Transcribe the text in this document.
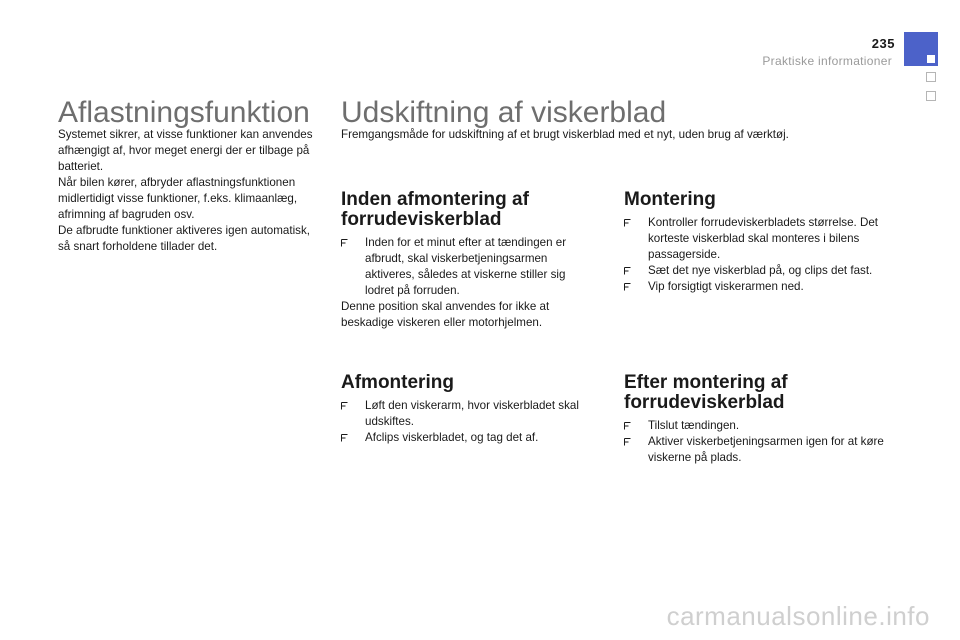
235
Praktiske informationer
Aflastningsfunktion

Systemet sikrer, at visse funktioner kan anvendes afhængigt af, hvor meget energi der er tilbage på batteriet.

Når bilen kører, afbryder aflastningsfunktionen midlertidigt visse funktioner, f.eks. klimaanlæg, afrimning af bagruden osv.

De afbrudte funktioner aktiveres igen automatisk, så snart forholdene tillader det.

Udskiftning af viskerblad

Fremgangsmåde for udskiftning af et brugt viskerblad med et nyt, uden brug af værktøj.

Inden afmontering af forrudeviskerblad
Inden for et minut efter at tændingen er afbrudt, skal viskerbetjeningsarmen aktiveres, således at viskerne stiller sig lodret på forruden.

Denne position skal anvendes for ikke at beskadige viskeren eller motorhjelmen.

Afmontering
Løft den viskerarm, hvor viskerbladet skal udskiftes.
Afclips viskerbladet, og tag det af.
Montering
Kontroller forrudeviskerbladets størrelse. Det korteste viskerblad skal monteres i bilens passagerside.
Sæt det nye viskerblad på, og clips det fast.
Vip forsigtigt viskerarmen ned.
Efter montering af forrudeviskerblad
Tilslut tændingen.
Aktiver viskerbetjeningsarmen igen for at køre viskerne på plads.
carmanualsonline.info
